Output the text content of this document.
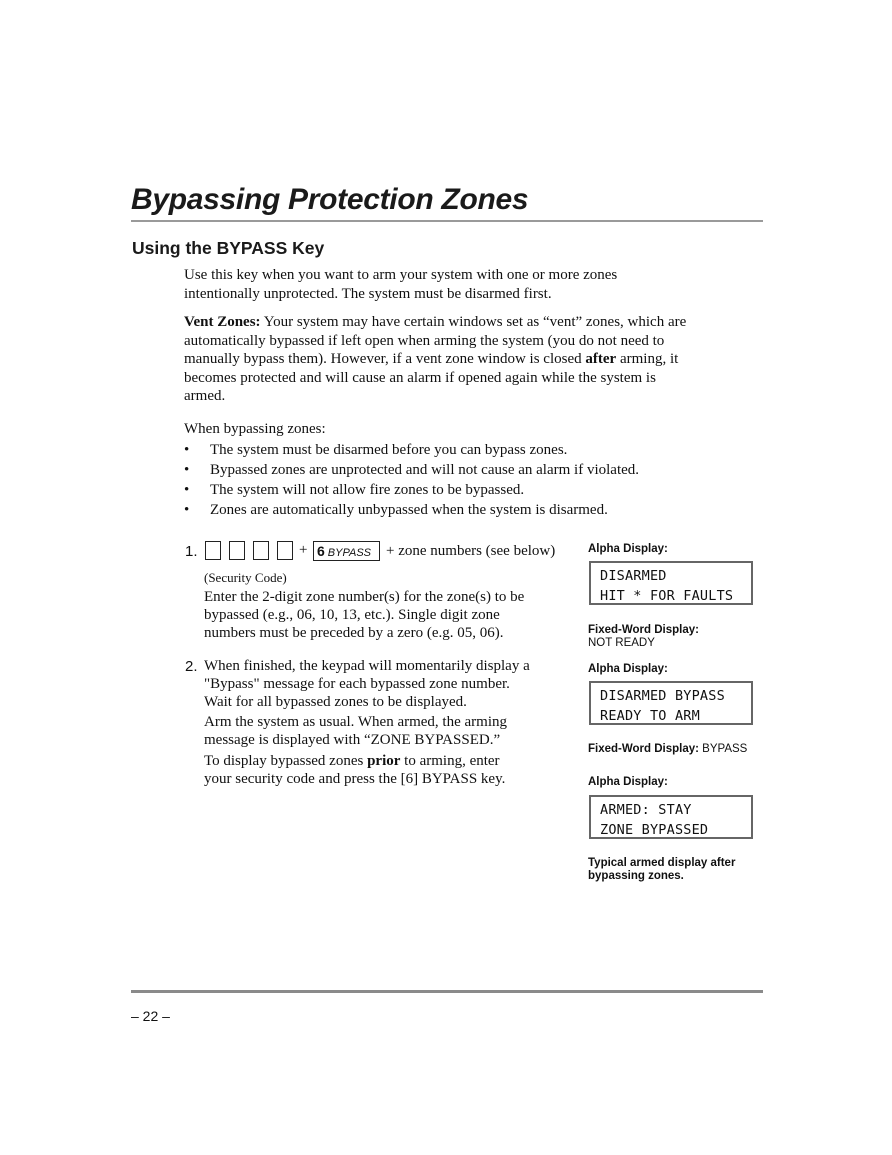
Bypassing Protection Zones
Using the BYPASS Key
Use this key when you want to arm your system with one or more zones
intentionally unprotected. The system must be disarmed first.
Vent Zones: Your system may have certain windows set as “vent” zones, which are
automatically bypassed if left open when arming the system (you do not need to
manually bypass them). However, if a vent zone window is closed after arming, it
becomes protected and will cause an alarm if opened again while the system is
armed.
When bypassing zones:
• The system must be disarmed before you can bypass zones.
• Bypassed zones are unprotected and will not cause an alarm if violated.
• The system will not allow fire zones to be bypassed.
• Zones are automatically unbypassed when the system is disarmed.
1.	+ 6 BYPASS + zone numbers (see below)
(Security Code)
Enter the 2-digit zone number(s) for the zone(s) to be
bypassed (e.g., 06, 10, 13, etc.). Single digit zone
numbers must be preceded by a zero (e.g. 05, 06).
2. When finished, the keypad will momentarily display a
"Bypass" message for each bypassed zone number.
Wait for all bypassed zones to be displayed.
Arm the system as usual. When armed, the arming
message is displayed with “ZONE BYPASSED.”
To display bypassed zones prior to arming, enter
your security code and press the [6] BYPASS key.
Alpha Display:
DISARMED
HIT * FOR FAULTS
Fixed-Word Display:
NOT READY
Alpha Display:
DISARMED BYPASS
READY TO ARM
Fixed-Word Display: BYPASS
Alpha Display:
ARMED: STAY
ZONE BYPASSED
Typical armed display after
bypassing zones.
– 22 –
